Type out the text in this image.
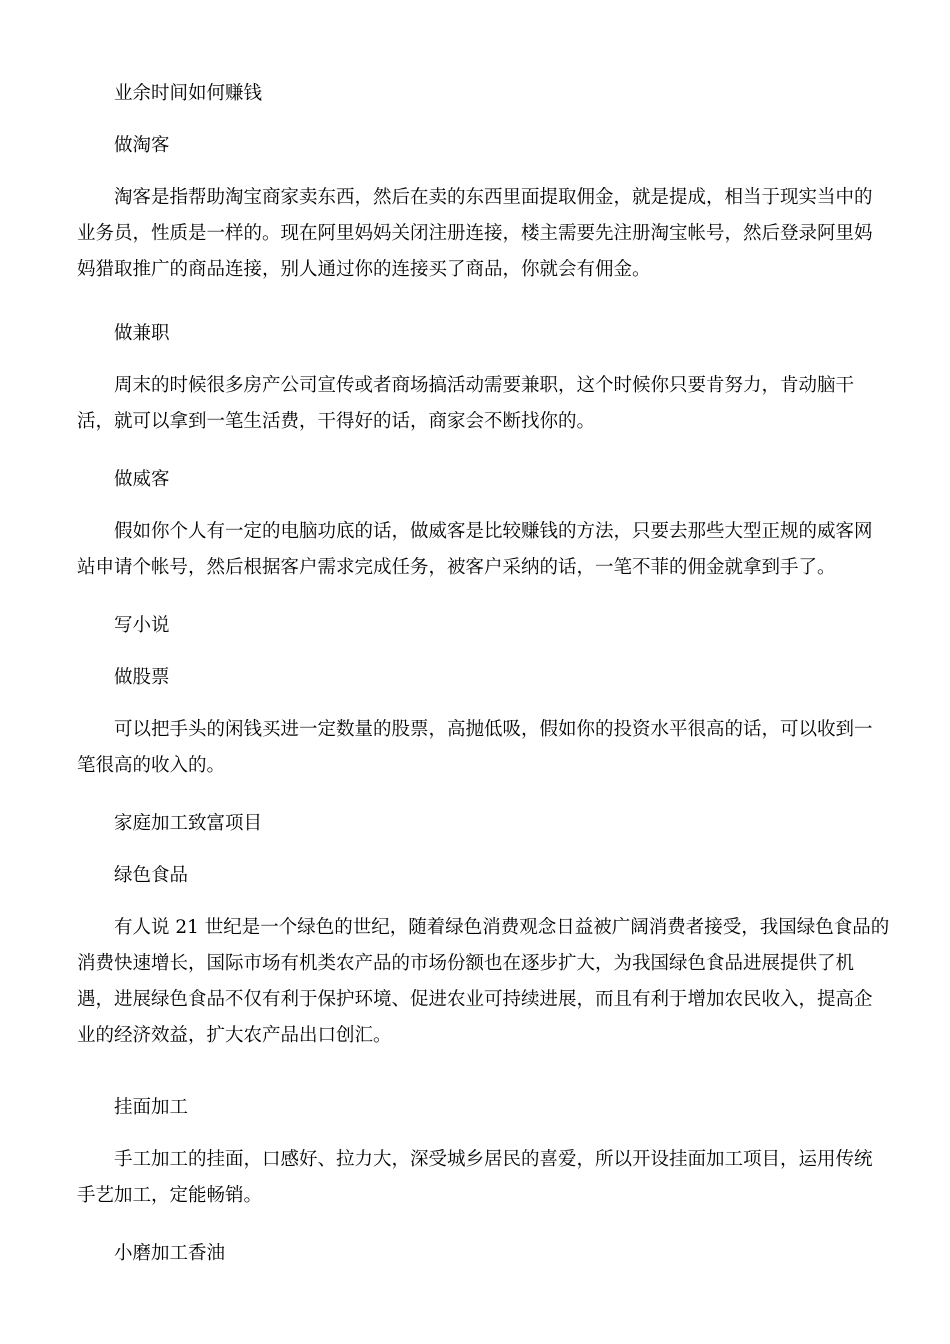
业余时间如何赚钱
做淘客
淘客是指帮助淘宝商家卖东西，然后在卖的东西里面提取佣金，就是提成，相当于现实当中的
业务员，性质是一样的。现在阿里妈妈关闭注册连接，楼主需要先注册淘宝帐号，然后登录阿里妈
妈猎取推广的商品连接，别人通过你的连接买了商品，你就会有佣金。
做兼职
周末的时候很多房产公司宣传或者商场搞活动需要兼职，这个时候你只要肯努力，肯动脑干
活，就可以拿到一笔生活费，干得好的话，商家会不断找你的。
做威客
假如你个人有一定的电脑功底的话，做威客是比较赚钱的方法，只要去那些大型正规的威客网
站申请个帐号，然后根据客户需求完成任务，被客户采纳的话，一笔不菲的佣金就拿到手了。
写小说
做股票
可以把手头的闲钱买进一定数量的股票，高抛低吸，假如你的投资水平很高的话，可以收到一
笔很高的收入的。
家庭加工致富项目
绿色食品
有人说 21 世纪是一个绿色的世纪，随着绿色消费观念日益被广阔消费者接受，我国绿色食品的
消费快速增长，国际市场有机类农产品的市场份额也在逐步扩大，为我国绿色食品进展提供了机
遇，进展绿色食品不仅有利于保护环境、促进农业可持续进展，而且有利于增加农民收入，提高企
业的经济效益，扩大农产品出口创汇。
挂面加工
手工加工的挂面，口感好、拉力大，深受城乡居民的喜爱，所以开设挂面加工项目，运用传统
手艺加工，定能畅销。
小磨加工香油
